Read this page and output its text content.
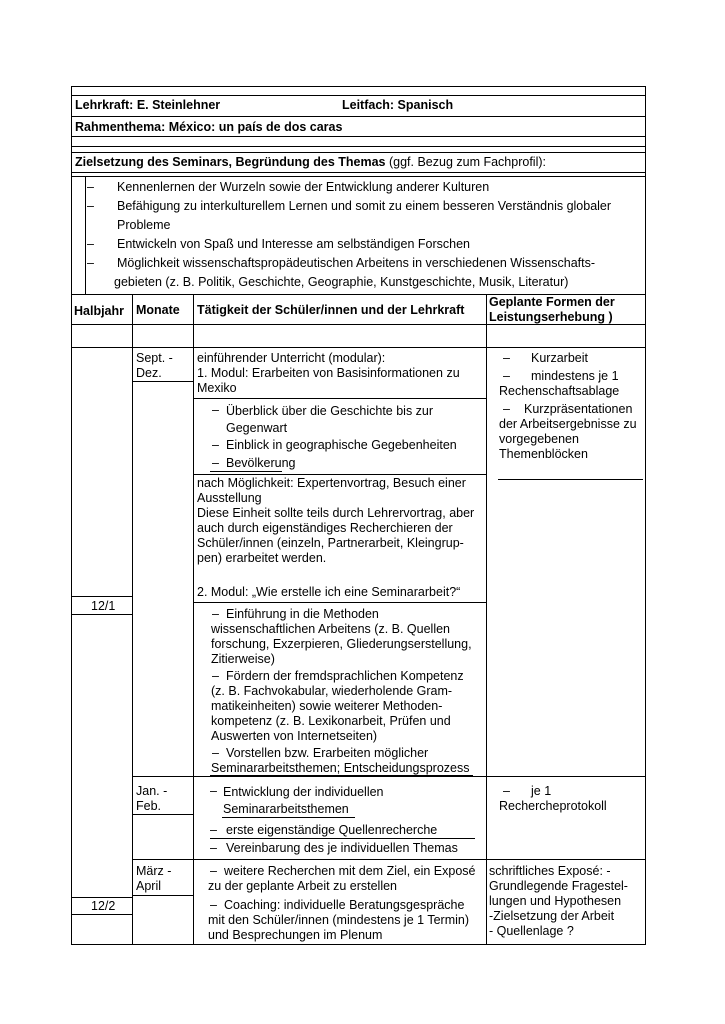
Lehrkraft: E. Steinlehner	Leitfach: Spanisch
Rahmenthema: México: un país de dos caras
Zielsetzung des Seminars, Begründung des Themas (ggf. Bezug zum Fachprofil):
– Kennenlernen der Wurzeln sowie der Entwicklung anderer Kulturen
– Befähigung zu interkulturellem Lernen und somit zu einem besseren Verständnis globaler
Probleme
– Entwickeln von Spaß und Interesse am selbständigen Forschen
– Möglichkeit wissenschaftspropädeutischen Arbeitens in verschiedenen Wissenschafts-
gebieten (z. B. Politik, Geschichte, Geographie, Kunstgeschichte, Musik, Literatur)
Halbjahr Monate Tätigkeit der Schüler/innen und der Lehrkraft
Geplante Formen der
Leistungserhebung )
12/1
12/2
Sept. -
Dez.
Jan. -
Feb.
März -
April
einführender Unterricht (modular):
1. Modul: Erarbeiten von Basisinformationen zu
Mexiko
– Überblick über die Geschichte bis zur
Gegenwart
– Einblick in geographische Gegebenheiten
– Bevölkerung
nach Möglichkeit: Expertenvortrag, Besuch einer
Ausstellung
Diese Einheit sollte teils durch Lehrervortrag, aber
auch durch eigenständiges Recherchieren der
Schüler/innen (einzeln, Partnerarbeit, Kleingrup-
pen) erarbeitet werden.
2. Modul: „Wie erstelle ich eine Seminararbeit?“
– Einführung in die Methoden
wissenschaftlichen Arbeitens (z. B. Quellen
forschung, Exzerpieren, Gliederungserstellung,
Zitierweise)
– Fördern der fremdsprachlichen Kompetenz
(z. B. Fachvokabular, wiederholende Gram-
matikeinheiten) sowie weiterer Methoden-
kompetenz (z. B. Lexikonarbeit, Prüfen und
Auswerten von Internetseiten)
– Vorstellen bzw. Erarbeiten möglicher
Seminararbeitsthemen; Entscheidungsprozess
– Kurzarbeit
– mindestens je 1
Rechenschaftsablage
–	Kurzpräsentationen
der Arbeitsergebnisse zu
vorgegebenen
Themenblöcken
– Entwicklung der individuellen
Seminararbeitsthemen
– erste eigenständige Quellenrecherche
– Vereinbarung des je individuellen Themas
– je 1
Rechercheprotokoll
– weitere Recherchen mit dem Ziel, ein Exposé
zu der geplante Arbeit zu erstellen
– Coaching: individuelle Beratungsgespräche
mit den Schüler/innen (mindestens je 1 Termin)
und Besprechungen im Plenum
schriftliches Exposé: -
Grundlegende Fragestel-
lungen und Hypothesen
-Zielsetzung der Arbeit
- Quellenlage ?
